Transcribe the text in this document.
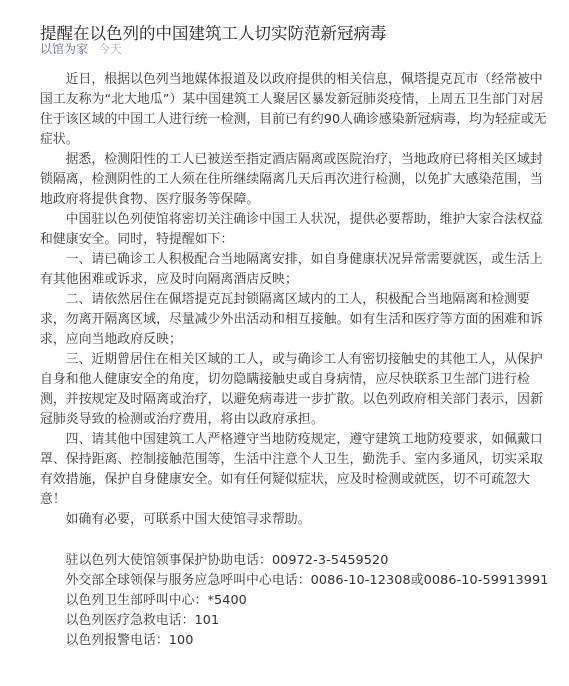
提醒在以色列的中国建筑工人切实防范新冠病毒
以馆为家 今天

近日，根据以色列当地媒体报道及以政府提供的相关信息，佩塔提克瓦市（经常被中国工友称为“北大地瓜”）某中国建筑工人聚居区暴发新冠肺炎疫情，上周五卫生部门对居住于该区域的中国工人进行统一检测，目前已有约90人确诊感染新冠病毒，均为轻症或无症状。

据悉，检测阳性的工人已被送至指定酒店隔离或医院治疗，当地政府已将相关区域封锁隔离，检测阴性的工人须在住所继续隔离几天后再次进行检测，以免扩大感染范围，当地政府将提供食物、医疗服务等保障。

中国驻以色列使馆将密切关注确诊中国工人状况，提供必要帮助，维护大家合法权益和健康安全。同时，特提醒如下：

一、请已确诊工人积极配合当地隔离安排，如自身健康状况异常需要就医，或生活上有其他困难或诉求，应及时向隔离酒店反映；

二、请依然居住在佩塔提克瓦封锁隔离区域内的工人，积极配合当地隔离和检测要求，勿离开隔离区域，尽量减少外出活动和相互接触。如有生活和医疗等方面的困难和诉求，应向当地政府反映；

三、近期曾居住在相关区域的工人，或与确诊工人有密切接触史的其他工人，从保护自身和他人健康安全的角度，切勿隐瞒接触史或自身病情，应尽快联系卫生部门进行检测，并按规定及时隔离或治疗，以避免病毒进一步扩散。以色列政府相关部门表示，因新冠肺炎导致的检测或治疗费用，将由以政府承担。

四、请其他中国建筑工人严格遵守当地防疫规定，遵守建筑工地防疫要求，如佩戴口罩、保持距离、控制接触范围等，生活中注意个人卫生，勤洗手、室内多通风，切实采取有效措施，保护自身健康安全。如有任何疑似症状，应及时检测或就医，切不可疏忽大意！

如确有必要，可联系中国大使馆寻求帮助。

驻以色列大使馆领事保护协助电话：00972-3-5459520

外交部全球领保与服务应急呼叫中心电话：0086-10-12308或0086-10-59913991

以色列卫生部呼叫中心：*5400

以色列医疗急救电话：101

以色列报警电话：100
